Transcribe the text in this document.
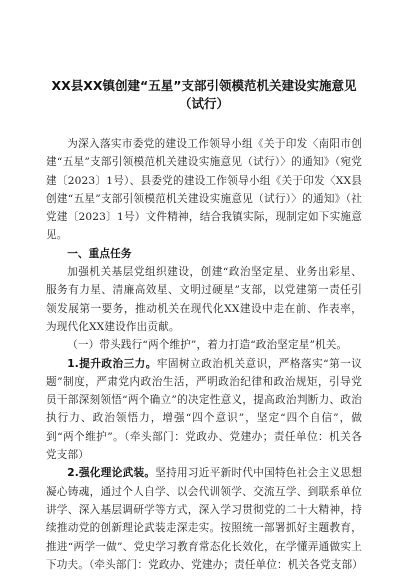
XX县XX镇创建“五星”支部引领模范机关建设实施意见（试行）

为深入落实市委党的建设工作领导小组《关于印发〈南阳市创建“五星”支部引领模范机关建设实施意见（试行）〉的通知》（宛党建〔2023〕1号）、县委党的建设工作领导小组《关于印发〈XX县创建“五星”支部引领模范机关建设实施意见（试行）〉的通知》（社党建〔2023〕1号）文件精神，结合我镇实际，现制定如下实施意见。

一、重点任务

加强机关基层党组织建设，创建“政治坚定星、业务出彩星、服务有力星、清廉高效星、文明过硬星”支部，以党建第一责任引领发展第一要务，推动机关在现代化XX建设中走在前、作表率，为现代化XX建设作出贡献。

（一）带头践行“两个维护”，着力打造“政治坚定星”机关。

1.提升政治三力。牢固树立政治机关意识，严格落实“第一议题”制度，严肃党内政治生活，严明政治纪律和政治规矩，引导党员干部深刻领悟“两个确立”的决定性意义，提高政治判断力、政治执行力、政治领悟力，增强“四个意识”，坚定“四个自信”，做到“两个维护”。（牵头部门：党政办、党建办；责任单位：机关各党支部）

2.强化理论武装。坚持用习近平新时代中国特色社会主义思想凝心铸魂，通过个人自学、以会代训领学、交流互学、到联系单位讲学、深入基层调研学等方式，深入学习贯彻党的二十大精神，持续推动党的创新理论武装走深走实。按照统一部署抓好主题教育，推进“两学一做”、党史学习教育常态化长效化，在学懂弄通做实上下功夫。（牵头部门：党政办、党建办；责任单位：机关各党支部）
